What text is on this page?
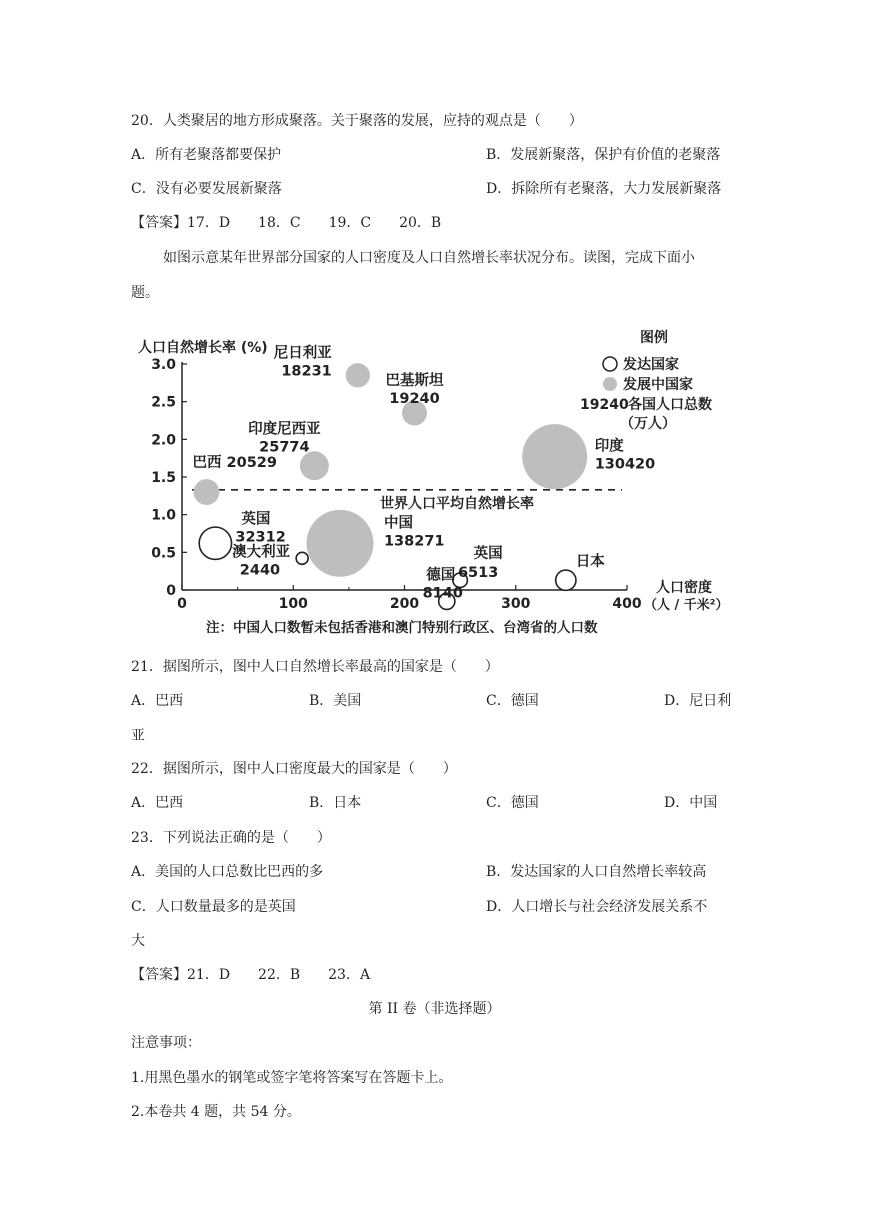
20．人类聚居的地方形成聚落。关于聚落的发展，应持的观点是（　　）
A．所有老聚落都要保护	B．发展新聚落，保护有价值的老聚落
C．没有必要发展新聚落	D．拆除所有老聚落，大力发展新聚落
【答案】17．D　　18．C　　19．C　　20．B
如图示意某年世界部分国家的人口密度及人口自然增长率状况分布。读图，完成下面小
题。
人口自然增长率 (%)
0	100	200	300	400
0
0.5
1.0
1.5
2.0
2.5
3.0
世界人口平均自然增长率
尼日利亚
18231
巴基斯坦
19240
印度尼西亚
25774
巴西 20529
印度
130420
中国
138271
英国
32312
澳大利亚
2440	德国
8140
英国
6513
日本
图例
发达国家
发展中国家
19240 各国人口总数
（万人）
人口密度
（人 / 千米²）
注：中国人口数暂未包括香港和澳门特别行政区、台湾省的人口数
21．据图所示，图中人口自然增长率最高的国家是（　　）
A．巴西	B．美国	C．德国	D．尼日利
亚
22．据图所示，图中人口密度最大的国家是（　　）
A．巴西	B．日本	C．德国	D．中国
23．下列说法正确的是（　　）
A．美国的人口总数比巴西的多	B．发达国家的人口自然增长率较高
C．人口数量最多的是英国	D．人口增长与社会经济发展关系不
大
【答案】21．D　　22．B　　23．A
第 II 卷（非选择题）
注意事项：
1.用黑色墨水的钢笔或签字笔将答案写在答题卡上。
2.本卷共 4 题，共 54 分。
